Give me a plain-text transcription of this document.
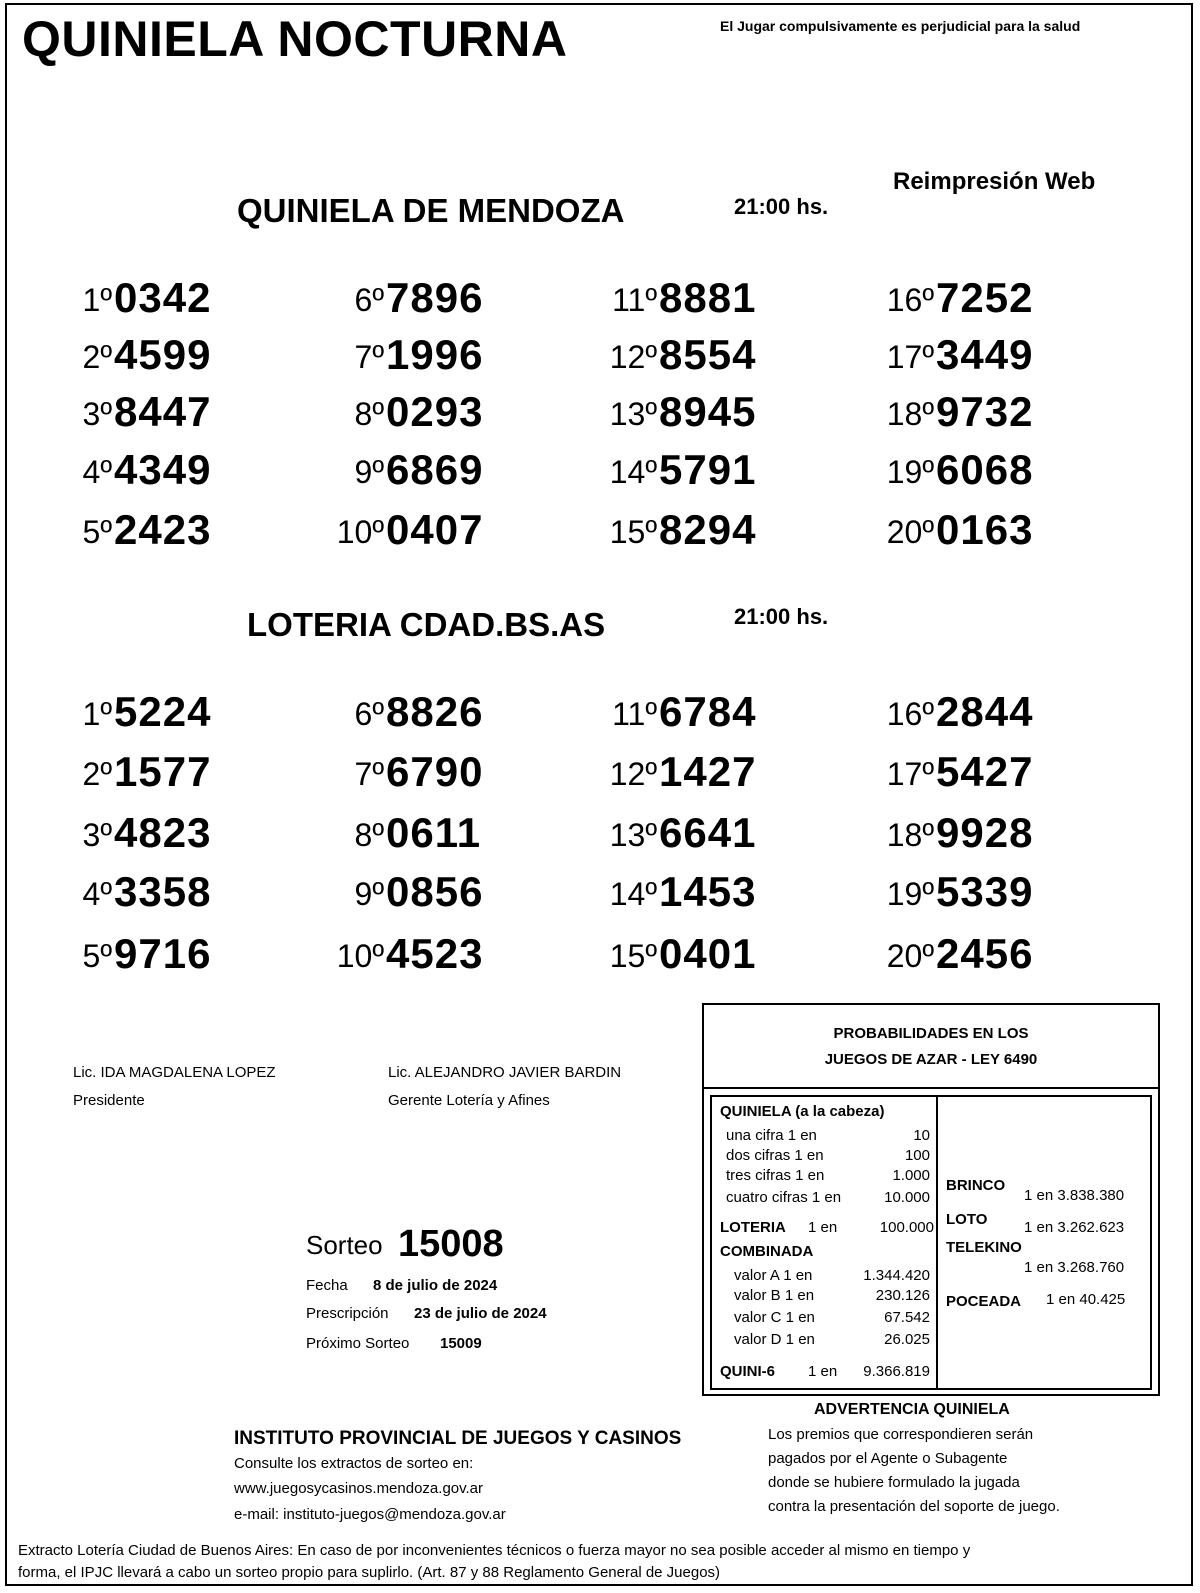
QUINIELA NOCTURNA	El Jugar compulsivamente es perjudicial para la salud
Reimpresión Web
QUINIELA DE MENDOZA	21:00 hs.
1º 0342	6º 7896	11º 8881	16º 7252
2º 4599	7º 1996	12º 8554	17º 3449
3º 8447	8º 0293	13º 8945	18º 9732
4º 4349	9º 6869	14º 5791	19º 6068
5º 2423	10º 0407	15º 8294	20º 0163
LOTERIA CDAD.BS.AS	21:00 hs.
1º 5224	6º 8826	11º 6784	16º 2844
2º 1577	7º 6790	12º 1427	17º 5427
3º 4823	8º 0611	13º 6641	18º 9928
4º 3358	9º 0856	14º 1453	19º 5339
5º 9716	10º 4523	15º 0401	20º 2456
Lic. IDA MAGDALENA LOPEZ
Presidente
Lic. ALEJANDRO JAVIER BARDIN
Gerente Lotería y Afines
Sorteo 15008
Fecha 8 de julio de 2024
Prescripción 23 de julio de 2024
Próximo Sorteo 15009
PROBABILIDADES EN LOS
JUEGOS DE AZAR - LEY 6490
QUINIELA (a la cabeza)
una cifra 1 en	10
dos cifras 1 en	100
tres cifras 1 en	1.000
cuatro cifras 1 en	10.000
LOTERIA 1 en	100.000
COMBINADA
valor A 1 en	1.344.420
valor B 1 en	230.126
valor C 1 en	67.542
valor D 1 en	26.025
QUINI-6 1 en 9.366.819
BRINCO
1 en 3.838.380
LOTO 1 en 3.262.623
TELEKINO
1 en 3.268.760
POCEADA 1 en 40.425
INSTITUTO PROVINCIAL DE JUEGOS Y CASINOS
Consulte los extractos de sorteo en:
www.juegosycasinos.mendoza.gov.ar
e-mail: instituto-juegos@mendoza.gov.ar
ADVERTENCIA QUINIELA
Los premios que correspondieren serán
pagados por el Agente o Subagente
donde se hubiere formulado la jugada
contra la presentación del soporte de juego.
Extracto Lotería Ciudad de Buenos Aires: En caso de por inconvenientes técnicos o fuerza mayor no sea posible acceder al mismo en tiempo y
forma, el IPJC llevará a cabo un sorteo propio para suplirlo. (Art. 87 y 88 Reglamento General de Juegos)
